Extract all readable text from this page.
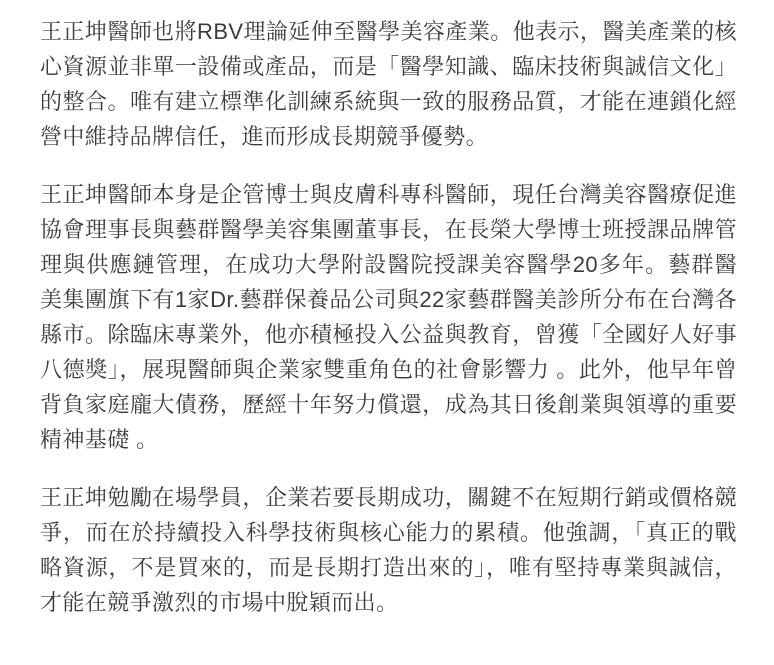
王正坤醫師也將RBV理論延伸至醫學美容產業。他表示，醫美產業的核心資源並非單一設備或產品，而是「醫學知識、臨床技術與誠信文化」的整合。唯有建立標準化訓練系統與一致的服務品質，才能在連鎖化經營中維持品牌信任，進而形成長期競爭優勢。

王正坤醫師本身是企管博士與皮膚科專科醫師，現任台灣美容醫療促進協會理事長與藝群醫學美容集團董事長，在長榮大學博士班授課品牌管理與供應鏈管理，在成功大學附設醫院授課美容醫學20多年。藝群醫美集團旗下有1家Dr.藝群保養品公司與22家藝群醫美診所分布在台灣各縣市。除臨床專業外，他亦積極投入公益與教育，曾獲「全國好人好事八德獎」，展現醫師與企業家雙重角色的社會影響力 。此外，他早年曾背負家庭龐大債務，歷經十年努力償還，成為其日後創業與領導的重要精神基礎 。

王正坤勉勵在場學員，企業若要長期成功，關鍵不在短期行銷或價格競爭，而在於持續投入科學技術與核心能力的累積。他強調，「真正的戰略資源，不是買來的，而是長期打造出來的」，唯有堅持專業與誠信，才能在競爭激烈的市場中脫穎而出。
